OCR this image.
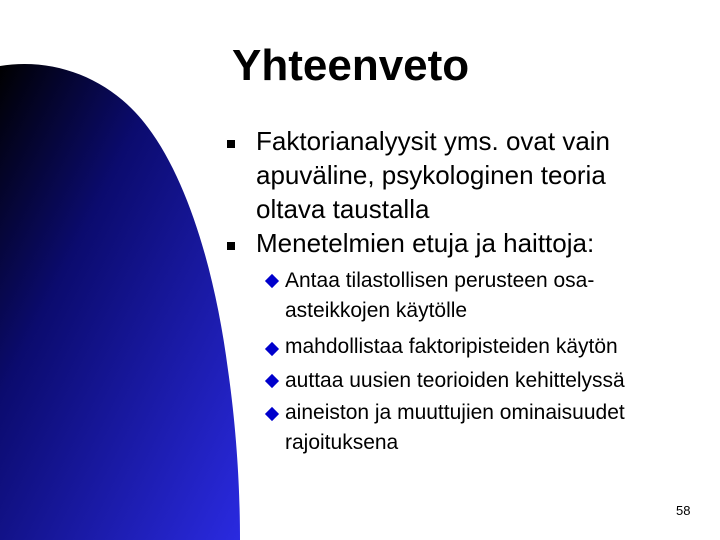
Yhteenveto
Faktorianalyysit yms. ovat vain
apuväline, psykologinen teoria
oltava taustalla
Menetelmien etuja ja haittoja:
Antaa tilastollisen perusteen osa-
asteikkojen käytölle
mahdollistaa faktoripisteiden käytön
auttaa uusien teorioiden kehittelyssä
aineiston ja muuttujien ominaisuudet
rajoituksena
58
